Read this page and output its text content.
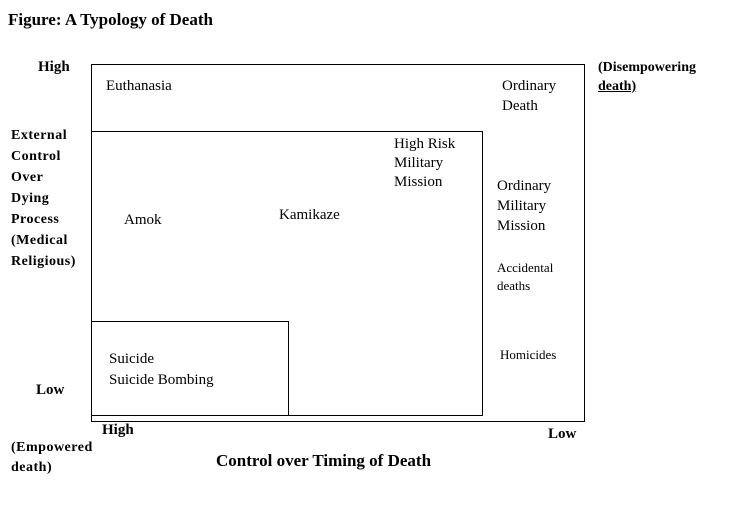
Figure: A Typology of Death
High
External
Control
Over
Dying
Process
(Medical
Religious)
Low
High	Low
Control over Timing of Death
(Empowered
death)
(Disempowering
death)
Euthanasia	Ordinary
Death
High Risk
Military
Mission	Ordinary
Military
Mission
Accidental
deaths
Homicides
Amok	Kamikaze
Suicide
Suicide Bombing
